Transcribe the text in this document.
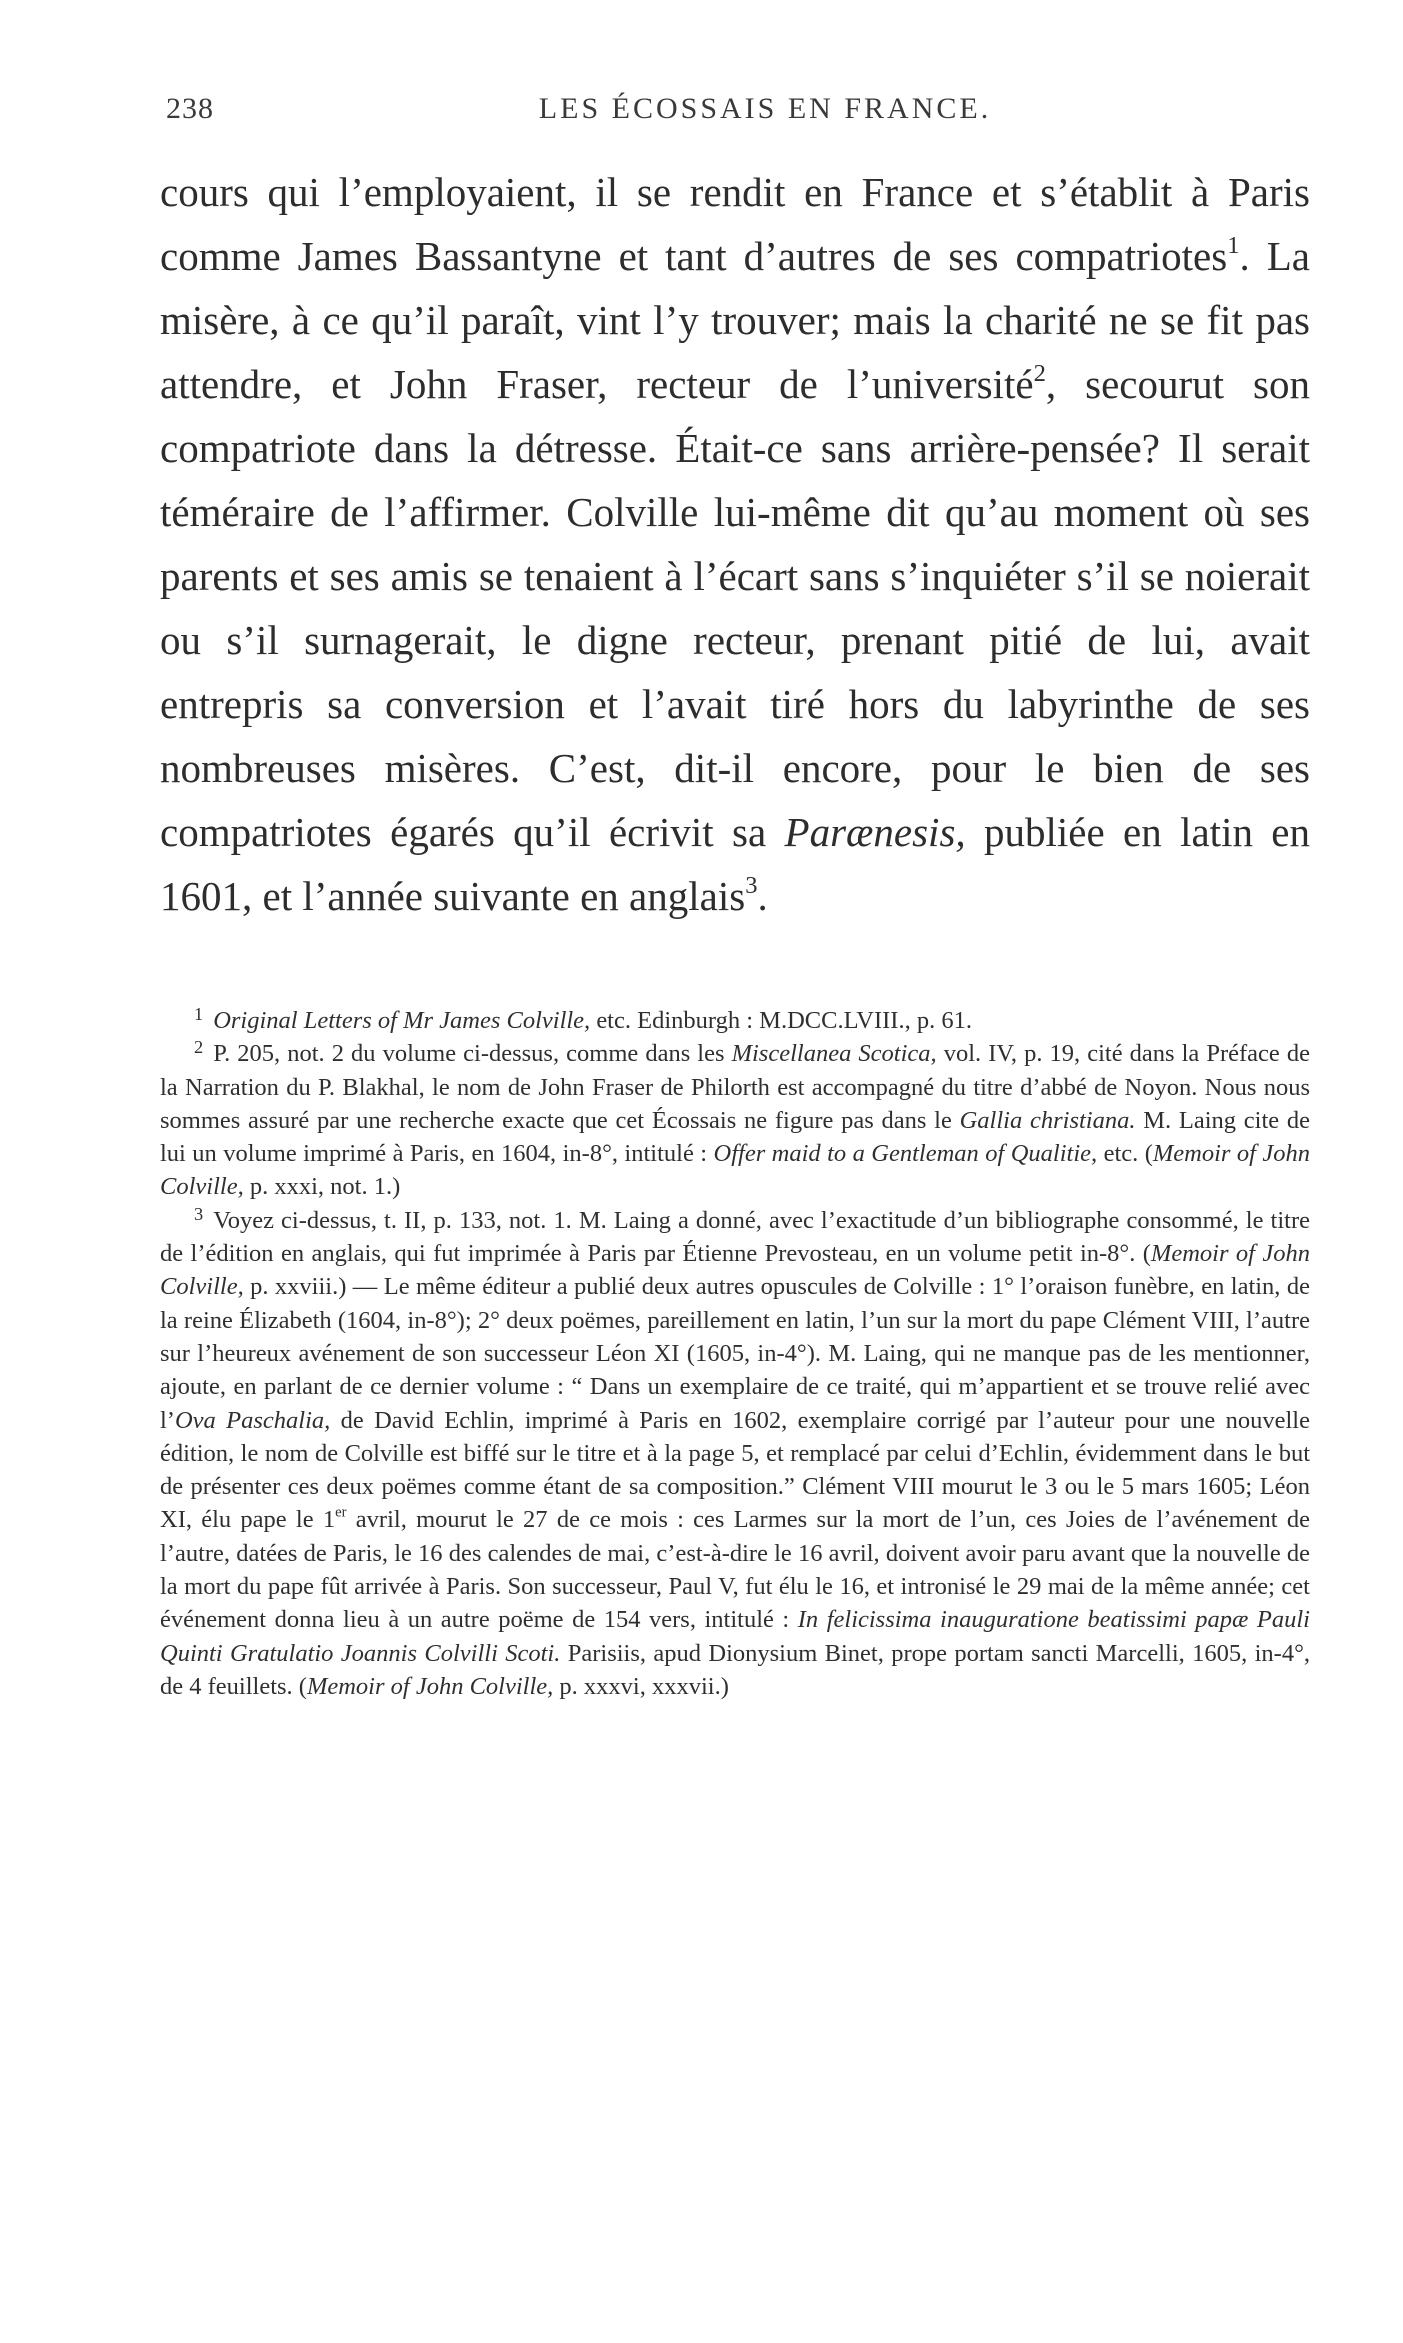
238	LES ÉCOSSAIS EN FRANCE.

cours qui l’employaient, il se rendit en France et s’établit à Paris comme James Bassantyne et tant d’autres de ses compatriotes$^1$. La misère, à ce qu’il paraît, vint l’y trouver; mais la charité ne se fit pas attendre, et John Fraser, recteur de l’université$^2$, secourut son compatriote dans la détresse. Était-ce sans arrière-pensée? Il serait téméraire de l’affirmer. Colville lui-même dit qu’au moment où ses parents et ses amis se tenaient à l’écart sans s’inquiéter s’il se noierait ou s’il surnagerait, le digne recteur, prenant pitié de lui, avait entrepris sa conversion et l’avait tiré hors du labyrinthe de ses nombreuses misères. C’est, dit-il encore, pour le bien de ses compatriotes égarés qu’il écrivit sa Parænesis, publiée en latin en 1601, et l’année suivante en anglais$^3$.

$^1$ Original Letters of Mr James Colville, etc. Edinburgh : M.DCC.LVIII., p. 61.

$^2$ P. 205, not. 2 du volume ci-dessus, comme dans les Miscellanea Scotica, vol. IV, p. 19, cité dans la Préface de la Narration du P. Blakhal, le nom de John Fraser de Philorth est accompagné du titre d’abbé de Noyon. Nous nous sommes assuré par une recherche exacte que cet Écossais ne figure pas dans le Gallia christiana. M. Laing cite de lui un volume imprimé à Paris, en 1604, in-8°, intitulé : Offer maid to a Gentleman of Qualitie, etc. (Memoir of John Colville, p. xxxi, not. 1.)

$^3$ Voyez ci-dessus, t. II, p. 133, not. 1. M. Laing a donné, avec l’exactitude d’un bibliographe consommé, le titre de l’édition en anglais, qui fut imprimée à Paris par Étienne Prevosteau, en un volume petit in-8°. (Memoir of John Colville, p. xxviii.) — Le même éditeur a publié deux autres opuscules de Colville : 1° l’oraison funèbre, en latin, de la reine Élizabeth (1604, in-8°); 2° deux poëmes, pareillement en latin, l’un sur la mort du pape Clément VIII, l’autre sur l’heureux avénement de son successeur Léon XI (1605, in-4°). M. Laing, qui ne manque pas de les mentionner, ajoute, en parlant de ce dernier volume : “ Dans un exemplaire de ce traité, qui m’appartient et se trouve relié avec l’Ova Paschalia, de David Echlin, imprimé à Paris en 1602, exemplaire corrigé par l’auteur pour une nouvelle édition, le nom de Colville est biffé sur le titre et à la page 5, et remplacé par celui d’Echlin, évidemment dans le but de présenter ces deux poëmes comme étant de sa composition.” Clément VIII mourut le 3 ou le 5 mars 1605; Léon XI, élu pape le 1er avril, mourut le 27 de ce mois : ces Larmes sur la mort de l’un, ces Joies de l’avénement de l’autre, datées de Paris, le 16 des calendes de mai, c’est-à-dire le 16 avril, doivent avoir paru avant que la nouvelle de la mort du pape fût arrivée à Paris. Son successeur, Paul V, fut élu le 16, et intronisé le 29 mai de la même année; cet événement donna lieu à un autre poëme de 154 vers, intitulé : In felicissima inauguratione beatissimi papæ Pauli Quinti Gratulatio Joannis Colvilli Scoti. Parisiis, apud Dionysium Binet, prope portam sancti Marcelli, 1605, in-4°, de 4 feuillets. (Memoir of John Colville, p. xxxvi, xxxvii.)
